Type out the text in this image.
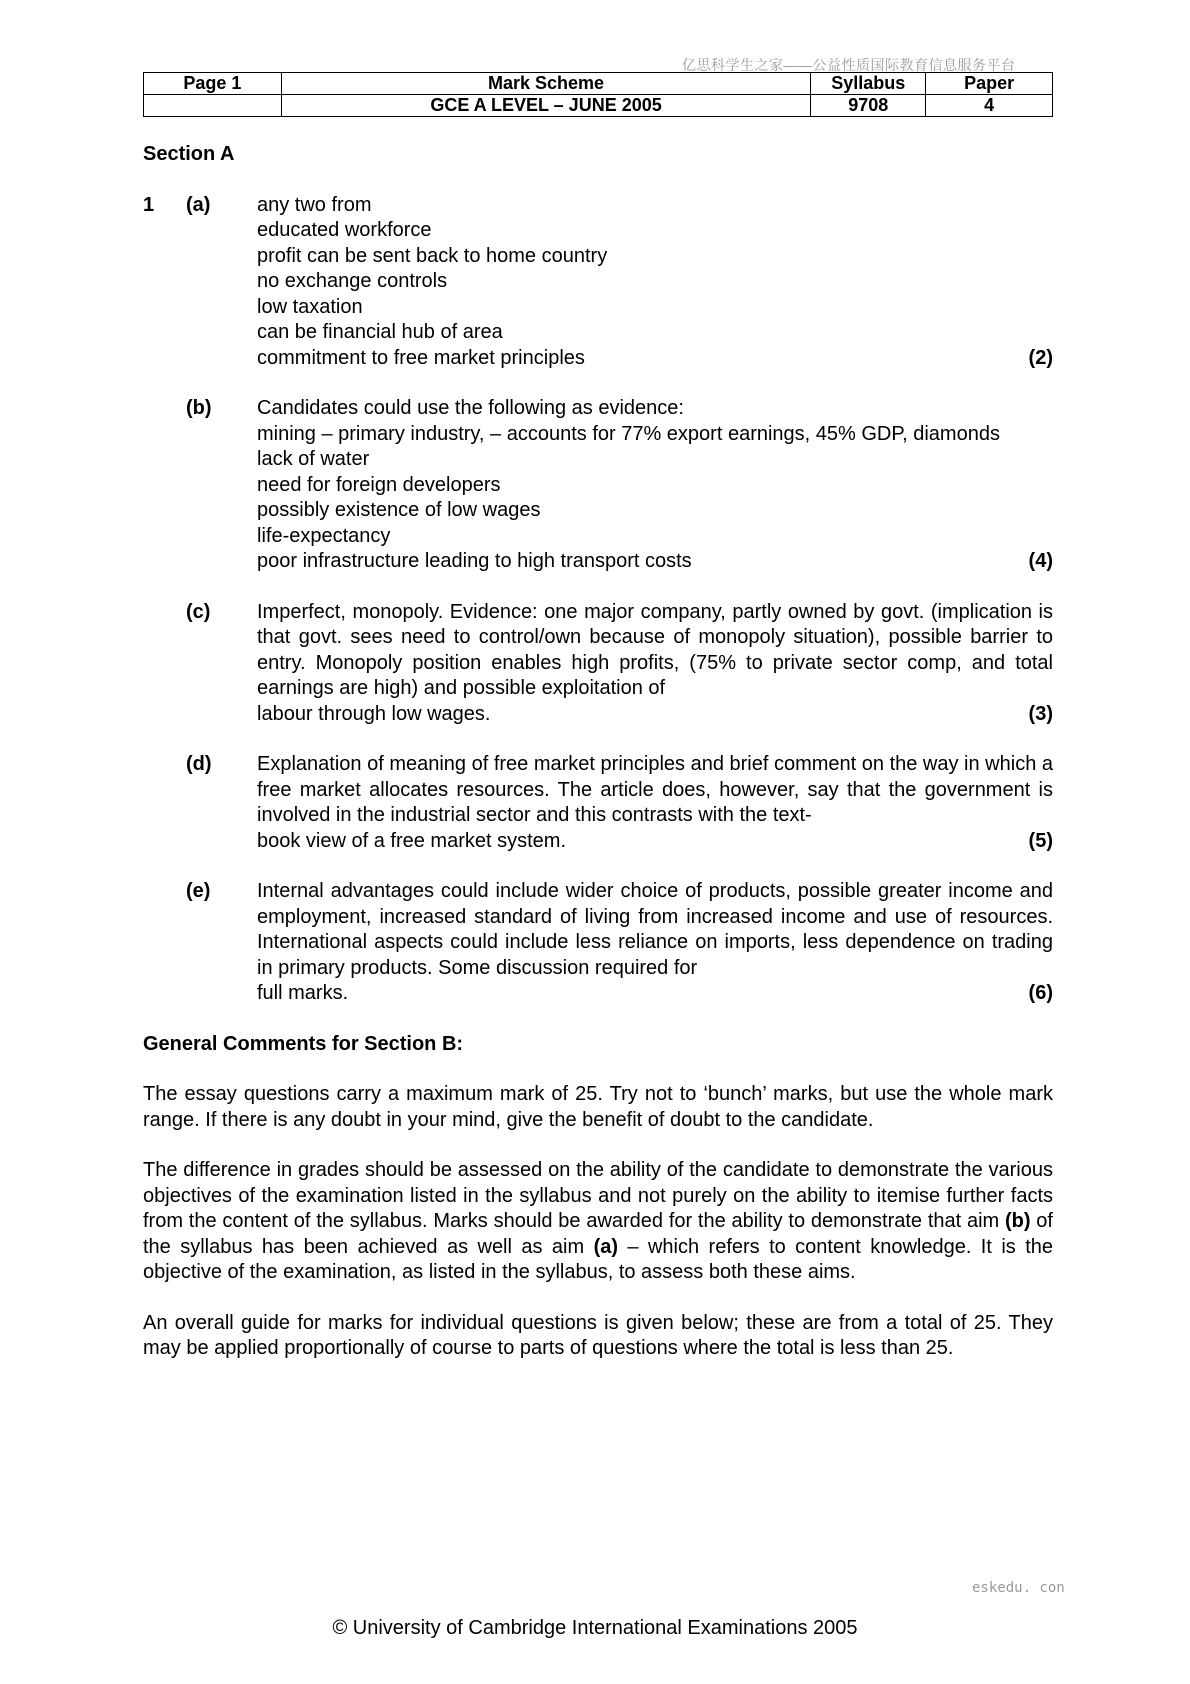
亿思科学生之家——公益性质国际教育信息服务平台
Page 1	Mark Scheme	Syllabus	Paper
	GCE A LEVEL – JUNE 2005	9708	4
Section A
1 (a) any two from
educated workforce
profit can be sent back to home country
no exchange controls
low taxation
can be financial hub of area
commitment to free market principles	(2)
(b) Candidates could use the following as evidence:
mining – primary industry, – accounts for 77% export earnings, 45% GDP, diamonds
lack of water
need for foreign developers
possibly existence of low wages
life-expectancy
poor infrastructure leading to high transport costs	(4)
(c) Imperfect, monopoly. Evidence: one major company, partly owned by govt. (implication is that govt. sees need to control/own because of monopoly situation), possible barrier to entry. Monopoly position enables high profits, (75% to private sector comp, and total earnings are high) and possible exploitation of
labour through low wages.	(3)
(d) Explanation of meaning of free market principles and brief comment on the way in which a free market allocates resources. The article does, however, say that the government is involved in the industrial sector and this contrasts with the text-
book view of a free market system.	(5)
(e) Internal advantages could include wider choice of products, possible greater income and employment, increased standard of living from increased income and use of resources. International aspects could include less reliance on imports, less dependence on trading in primary products. Some discussion required for
full marks.	(6)
General Comments for Section B:

The essay questions carry a maximum mark of 25. Try not to ‘bunch’ marks, but use the whole mark range. If there is any doubt in your mind, give the benefit of doubt to the candidate.

The difference in grades should be assessed on the ability of the candidate to demonstrate the various objectives of the examination listed in the syllabus and not purely on the ability to itemise further facts from the content of the syllabus. Marks should be awarded for the ability to demonstrate that aim (b) of the syllabus has been achieved as well as aim (a) – which refers to content knowledge. It is the objective of the examination, as listed in the syllabus, to assess both these aims.

An overall guide for marks for individual questions is given below; these are from a total of 25. They may be applied proportionally of course to parts of questions where the total is less than 25.

eskedu. con
© University of Cambridge International Examinations 2005
